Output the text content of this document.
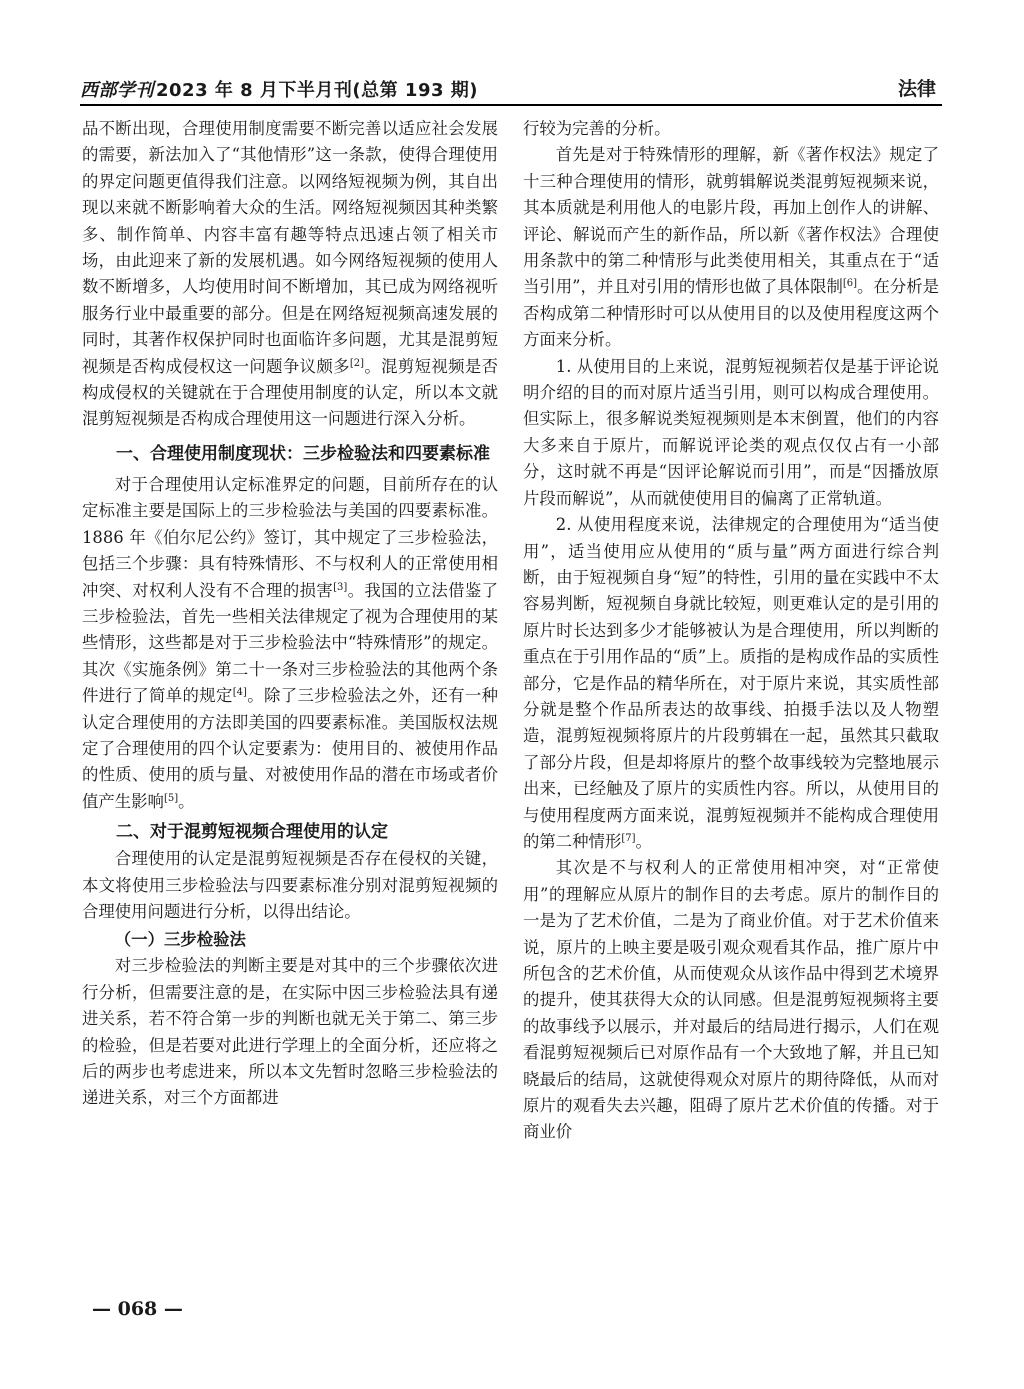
西部学刊 2023 年 8 月下半月刊(总第 193 期)	法律

品不断出现，合理使用制度需要不断完善以适应社会发展的需要，新法加入了“其他情形”这一条款，使得合理使用的界定问题更值得我们注意。以网络短视频为例，其自出现以来就不断影响着大众的生活。网络短视频因其种类繁多、制作简单、内容丰富有趣等特点迅速占领了相关市场，由此迎来了新的发展机遇。如今网络短视频的使用人数不断增多，人均使用时间不断增加，其已成为网络视听服务行业中最重要的部分。但是在网络短视频高速发展的同时，其著作权保护同时也面临许多问题，尤其是混剪短视频是否构成侵权这一问题争议颇多[2]。混剪短视频是否构成侵权的关键就在于合理使用制度的认定，所以本文就混剪短视频是否构成合理使用这一问题进行深入分析。

一、合理使用制度现状：三步检验法和四要素标准

对于合理使用认定标准界定的问题，目前所存在的认定标准主要是国际上的三步检验法与美国的四要素标准。1886 年《伯尔尼公约》签订，其中规定了三步检验法，包括三个步骤：具有特殊情形、不与权利人的正常使用相冲突、对权利人没有不合理的损害[3]。我国的立法借鉴了三步检验法，首先一些相关法律规定了视为合理使用的某些情形，这些都是对于三步检验法中“特殊情形”的规定。其次《实施条例》第二十一条对三步检验法的其他两个条件进行了简单的规定[4]。除了三步检验法之外，还有一种认定合理使用的方法即美国的四要素标准。美国版权法规定了合理使用的四个认定要素为：使用目的、被使用作品的性质、使用的质与量、对被使用作品的潜在市场或者价值产生影响[5]。

二、对于混剪短视频合理使用的认定

合理使用的认定是混剪短视频是否存在侵权的关键，本文将使用三步检验法与四要素标准分别对混剪短视频的合理使用问题进行分析，以得出结论。

（一）三步检验法

对三步检验法的判断主要是对其中的三个步骤依次进行分析，但需要注意的是，在实际中因三步检验法具有递进关系，若不符合第一步的判断也就无关于第二、第三步的检验，但是若要对此进行学理上的全面分析，还应将之后的两步也考虑进来，所以本文先暂时忽略三步检验法的递进关系，对三个方面都进

行较为完善的分析。

首先是对于特殊情形的理解，新《著作权法》规定了十三种合理使用的情形，就剪辑解说类混剪短视频来说，其本质就是利用他人的电影片段，再加上创作人的讲解、评论、解说而产生的新作品，所以新《著作权法》合理使用条款中的第二种情形与此类使用相关，其重点在于“适当引用”，并且对引用的情形也做了具体限制[6]。在分析是否构成第二种情形时可以从使用目的以及使用程度这两个方面来分析。

1. 从使用目的上来说，混剪短视频若仅是基于评论说明介绍的目的而对原片适当引用，则可以构成合理使用。但实际上，很多解说类短视频则是本末倒置，他们的内容大多来自于原片，而解说评论类的观点仅仅占有一小部分，这时就不再是“因评论解说而引用”，而是“因播放原片段而解说”，从而就使使用目的偏离了正常轨道。

2. 从使用程度来说，法律规定的合理使用为“适当使用”，适当使用应从使用的“质与量”两方面进行综合判断，由于短视频自身“短”的特性，引用的量在实践中不太容易判断，短视频自身就比较短，则更难认定的是引用的原片时长达到多少才能够被认为是合理使用，所以判断的重点在于引用作品的“质”上。质指的是构成作品的实质性部分，它是作品的精华所在，对于原片来说，其实质性部分就是整个作品所表达的故事线、拍摄手法以及人物塑造，混剪短视频将原片的片段剪辑在一起，虽然其只截取了部分片段，但是却将原片的整个故事线较为完整地展示出来，已经触及了原片的实质性内容。所以，从使用目的与使用程度两方面来说，混剪短视频并不能构成合理使用的第二种情形[7]。

其次是不与权利人的正常使用相冲突，对“正常使用”的理解应从原片的制作目的去考虑。原片的制作目的一是为了艺术价值，二是为了商业价值。对于艺术价值来说，原片的上映主要是吸引观众观看其作品，推广原片中所包含的艺术价值，从而使观众从该作品中得到艺术境界的提升，使其获得大众的认同感。但是混剪短视频将主要的故事线予以展示，并对最后的结局进行揭示，人们在观看混剪短视频后已对原作品有一个大致地了解，并且已知晓最后的结局，这就使得观众对原片的期待降低，从而对原片的观看失去兴趣，阻碍了原片艺术价值的传播。对于商业价

— 068 —
